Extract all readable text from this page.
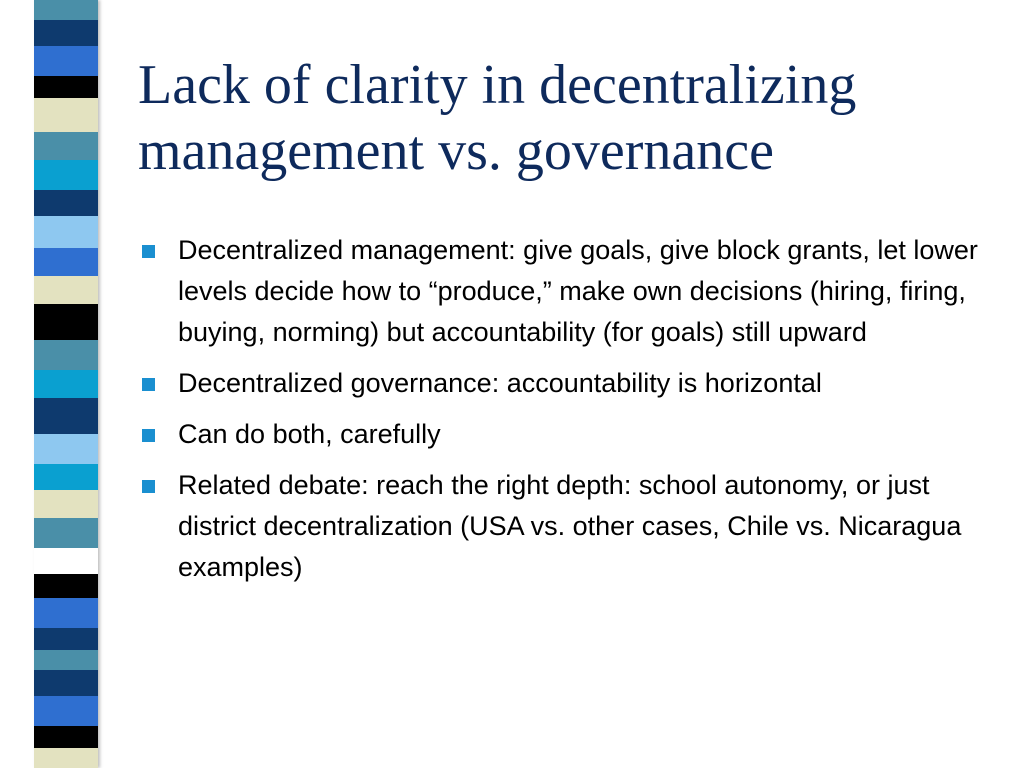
Lack of clarity in decentralizing
management vs. governance
Decentralized management: give goals, give block grants, let lower levels decide how to “produce,” make own decisions (hiring, firing, buying, norming) but accountability (for goals) still upward
Decentralized governance: accountability is horizontal
Can do both, carefully
Related debate: reach the right depth: school autonomy, or just district decentralization (USA vs. other cases, Chile vs. Nicaragua examples)
